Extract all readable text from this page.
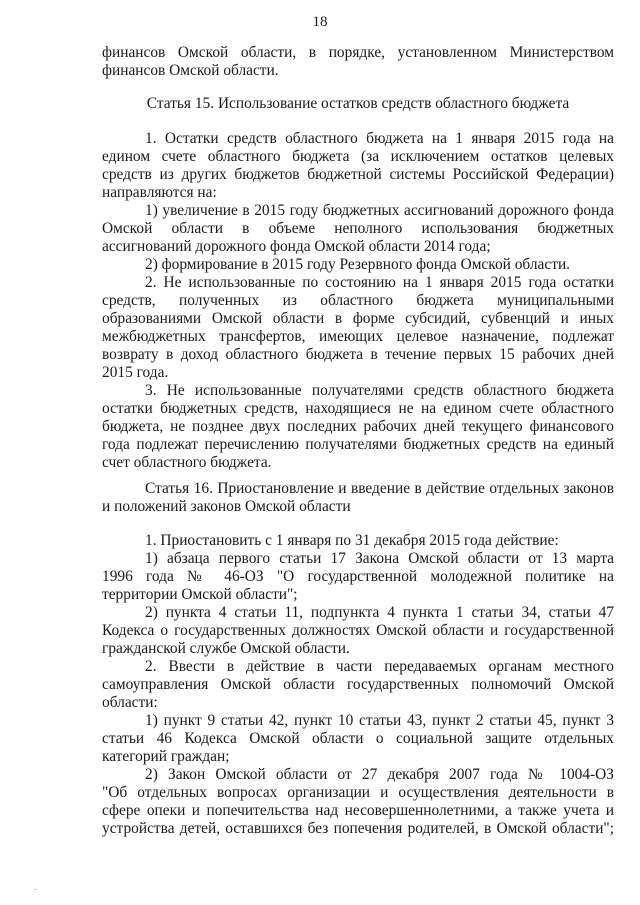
18
финансов Омской области, в порядке, установленном Министерством
финансов Омской области.
Статья 15. Использование остатков средств областного бюджета
1. Остатки средств областного бюджета на 1 января 2015 года на
едином счете областного бюджета (за исключением остатков целевых
средств из других бюджетов бюджетной системы Российской Федерации)
направляются на:
1) увеличение в 2015 году бюджетных ассигнований дорожного фонда
Омской области в объеме неполного использования бюджетных
ассигнований дорожного фонда Омской области 2014 года;
2) формирование в 2015 году Резервного фонда Омской области.
2. Не использованные по состоянию на 1 января 2015 года остатки
средств, полученных из областного бюджета муниципальными
образованиями Омской области в форме субсидий, субвенций и иных
межбюджетных трансфертов, имеющих целевое назначение, подлежат
возврату в доход областного бюджета в течение первых 15 рабочих дней
2015 года.
3. Не использованные получателями средств областного бюджета
остатки бюджетных средств, находящиеся не на едином счете областного
бюджета, не позднее двух последних рабочих дней текущего финансового
года подлежат перечислению получателями бюджетных средств на единый
счет областного бюджета.
Статья 16. Приостановление и введение в действие отдельных законов
и положений законов Омской области
1. Приостановить с 1 января по 31 декабря 2015 года действие:
1) абзаца первого статьи 17 Закона Омской области от 13 марта
1996 года № 46-ОЗ "О государственной молодежной политике на
территории Омской области";
2) пункта 4 статьи 11, подпункта 4 пункта 1 статьи 34, статьи 47
Кодекса о государственных должностях Омской области и государственной
гражданской службе Омской области.
2. Ввести в действие в части передаваемых органам местного
самоуправления Омской области государственных полномочий Омской
области:
1) пункт 9 статьи 42, пункт 10 статьи 43, пункт 2 статьи 45, пункт 3
статьи 46 Кодекса Омской области о социальной защите отдельных
категорий граждан;
2) Закон Омской области от 27 декабря 2007 года № 1004-ОЗ
"Об отдельных вопросах организации и осуществления деятельности в
сфере опеки и попечительства над несовершеннолетними, а также учета и
устройства детей, оставшихся без попечения родителей, в Омской области";
